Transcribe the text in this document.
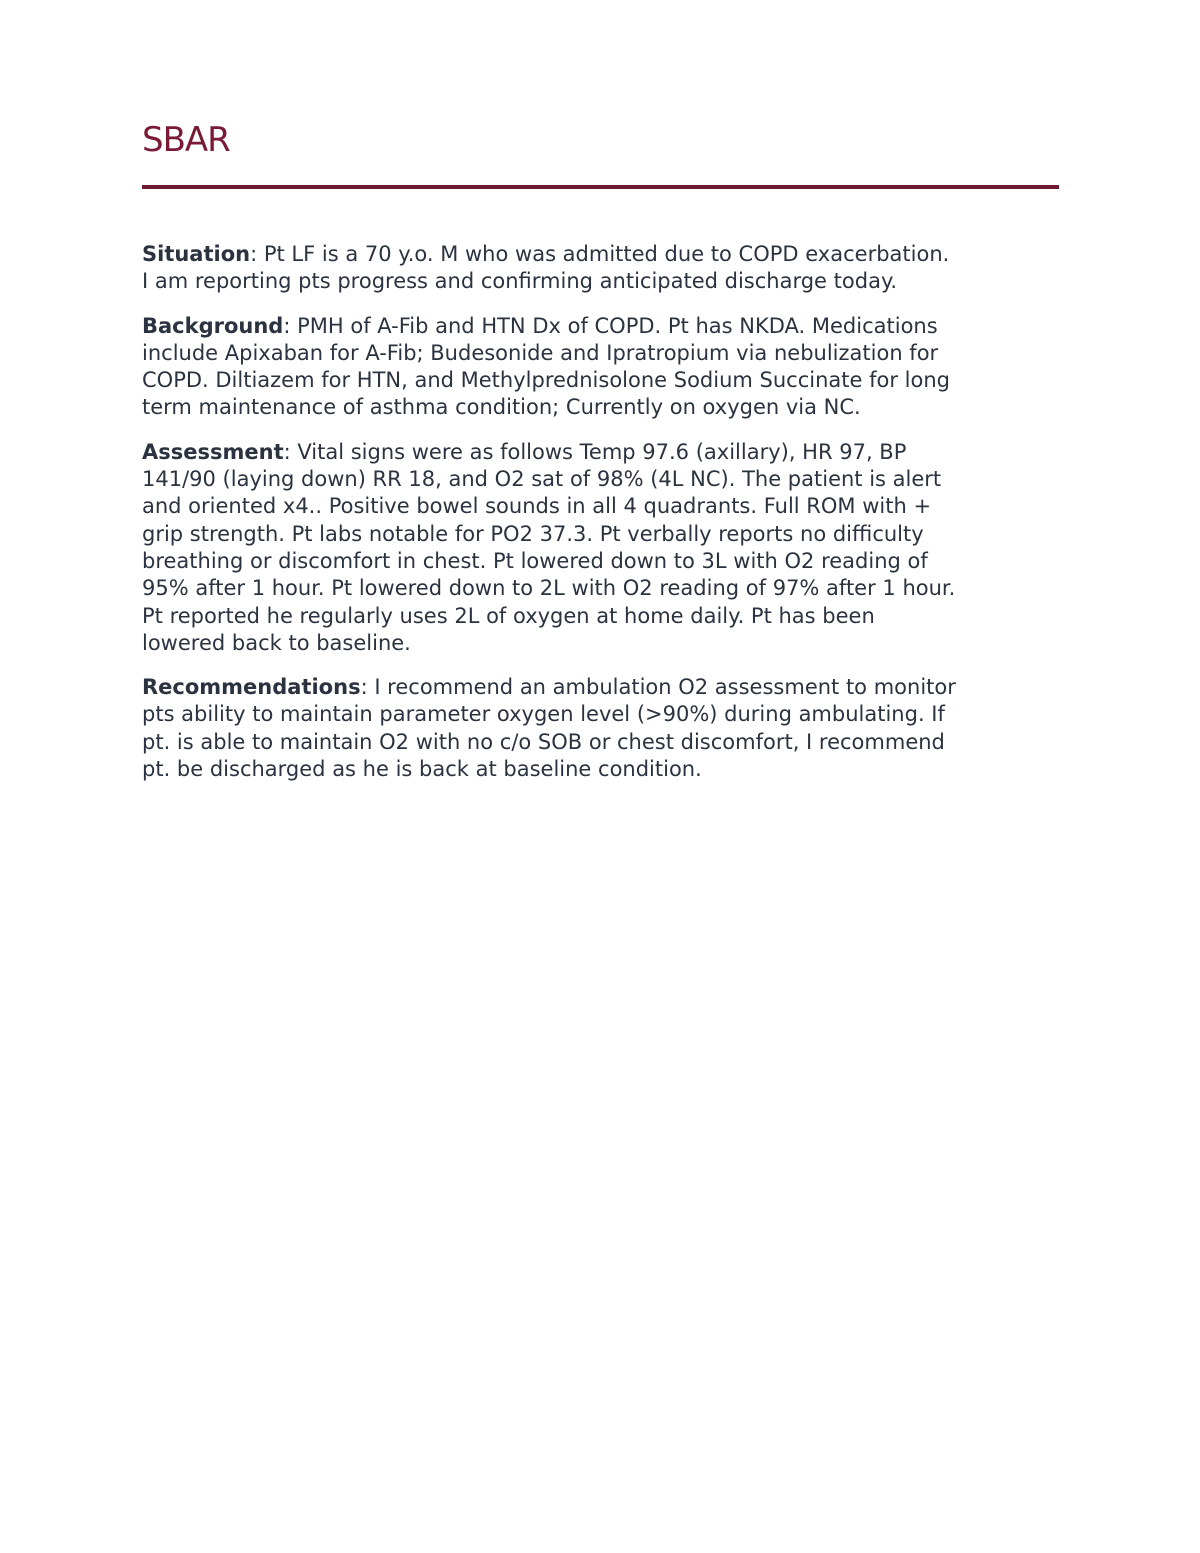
SBAR

Situation: Pt LF is a 70 y.o. M who was admitted due to COPD exacerbation.
I am reporting pts progress and confirming anticipated discharge today.

Background: PMH of A-Fib and HTN Dx of COPD. Pt has NKDA. Medications
include Apixaban for A-Fib; Budesonide and Ipratropium via nebulization for
COPD. Diltiazem for HTN, and Methylprednisolone Sodium Succinate for long
term maintenance of asthma condition; Currently on oxygen via NC.

Assessment: Vital signs were as follows Temp 97.6 (axillary), HR 97, BP
141/90 (laying down) RR 18, and O2 sat of 98% (4L NC). The patient is alert
and oriented x4.. Positive bowel sounds in all 4 quadrants. Full ROM with +
grip strength. Pt labs notable for PO2 37.3. Pt verbally reports no difficulty
breathing or discomfort in chest. Pt lowered down to 3L with O2 reading of
95% after 1 hour. Pt lowered down to 2L with O2 reading of 97% after 1 hour.
Pt reported he regularly uses 2L of oxygen at home daily. Pt has been
lowered back to baseline.

Recommendations: I recommend an ambulation O2 assessment to monitor
pts ability to maintain parameter oxygen level (>90%) during ambulating. If
pt. is able to maintain O2 with no c/o SOB or chest discomfort, I recommend
pt. be discharged as he is back at baseline condition.
